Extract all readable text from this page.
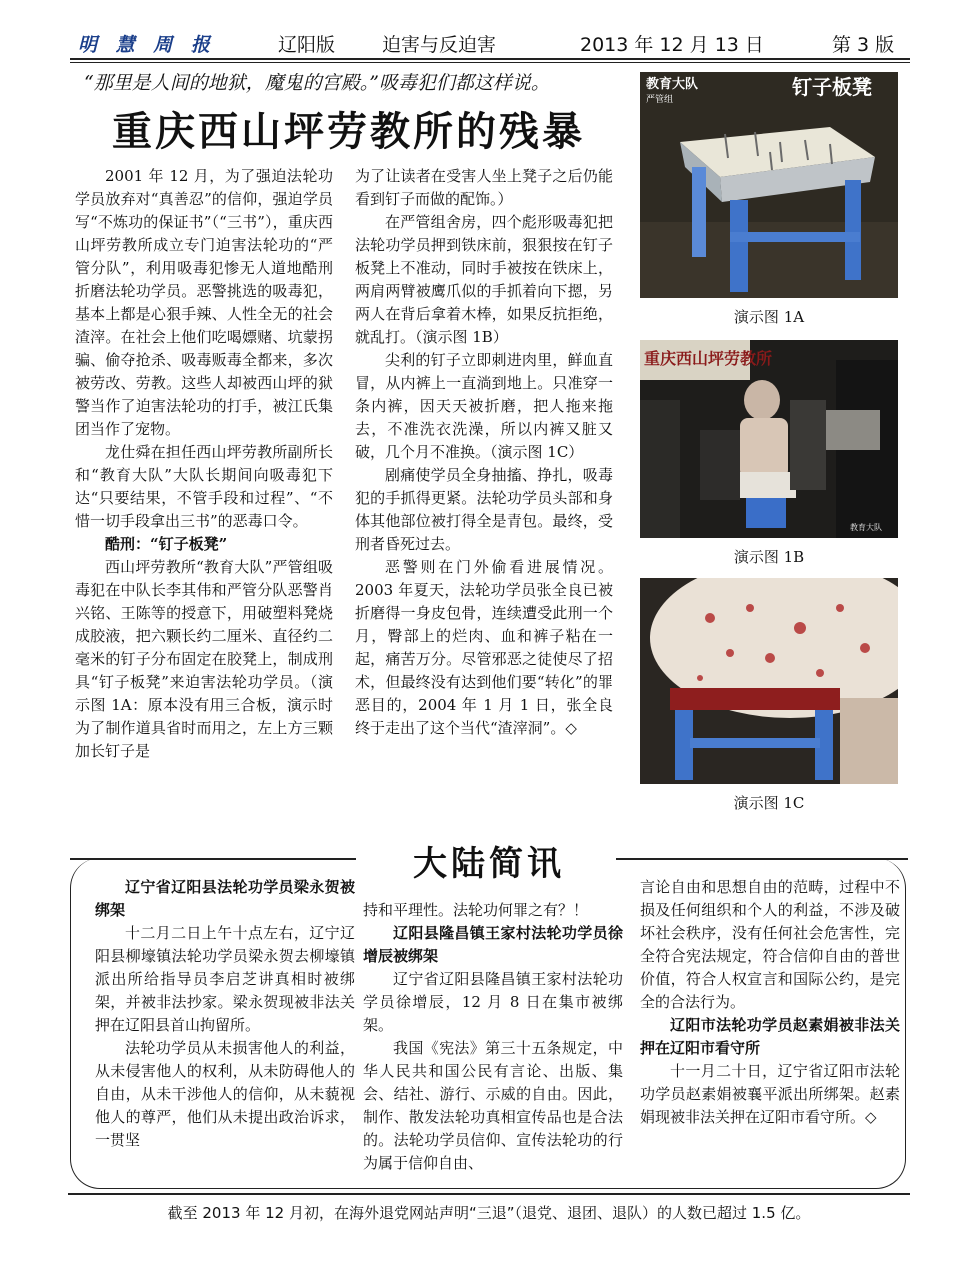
明 慧 周 报	辽阳版 迫害与反迫害	2013 年 12 月 13 日	第 3 版
“那里是人间的地狱，魔鬼的宫殿。”吸毒犯们都这样说。
重庆西山坪劳教所的残暴

2001 年 12 月，为了强迫法轮功学员放弃对“真善忍”的信仰，强迫学员写“不炼功的保证书”（“三书”），重庆西山坪劳教所成立专门迫害法轮功的“严管分队”，利用吸毒犯惨无人道地酷刑折磨法轮功学员。恶警挑选的吸毒犯，基本上都是心狠手辣、人性全无的社会渣滓。在社会上他们吃喝嫖赌、坑蒙拐骗、偷夺抢杀、吸毒贩毒全都来，多次被劳改、劳教。这些人却被西山坪的狱警当作了迫害法轮功的打手，被江氏集团当作了宠物。

龙仕舜在担任西山坪劳教所副所长和“教育大队”大队长期间向吸毒犯下达“只要结果，不管手段和过程”、“不惜一切手段拿出三书”的恶毒口令。

酷刑：“钉子板凳”

西山坪劳教所“教育大队”严管组吸毒犯在中队长李其伟和严管分队恶警肖兴铭、王陈等的授意下，用破塑料凳烧成胶液，把六颗长约二厘米、直径约二毫米的钉子分布固定在胶凳上，制成刑具“钉子板凳”来迫害法轮功学员。（演示图 1A：原本没有用三合板，演示时为了制作道具省时而用之，左上方三颗加长钉子是

为了让读者在受害人坐上凳子之后仍能看到钉子而做的配饰。）

在严管组舍房，四个彪形吸毒犯把法轮功学员押到铁床前，狠狠按在钉子板凳上不准动，同时手被按在铁床上，两肩两臂被鹰爪似的手抓着向下摁，另两人在背后拿着木棒，如果反抗拒绝，就乱打。（演示图 1B）

尖利的钉子立即刺进肉里，鲜血直冒，从内裤上一直淌到地上。只准穿一条内裤，因天天被折磨，把人拖来拖去，不准洗衣洗澡，所以内裤又脏又破，几个月不准换。（演示图 1C）

剧痛使学员全身抽搐、挣扎，吸毒犯的手抓得更紧。法轮功学员头部和身体其他部位被打得全是青包。最终，受刑者昏死过去。

恶警则在门外偷看进展情况。2003 年夏天，法轮功学员张全良已被折磨得一身皮包骨，连续遭受此刑一个月，臀部上的烂肉、血和裤子粘在一起，痛苦万分。尽管邪恶之徒使尽了招术，但最终没有达到他们要“转化”的罪恶目的，2004 年 1 月 1 日，张全良终于走出了这个当代“渣滓洞”。◇

教育大队
严管组
钉子板凳
演示图 1A
重庆西山坪劳教所
教育大队
演示图 1B
演示图 1C
大陆简讯

辽宁省辽阳县法轮功学员梁永贺被绑架

十二月二日上午十点左右，辽宁辽阳县柳壕镇法轮功学员梁永贺去柳壕镇派出所给指导员李启芝讲真相时被绑架，并被非法抄家。梁永贺现被非法关押在辽阳县首山拘留所。

法轮功学员从未损害他人的利益，从未侵害他人的权利，从未防碍他人的自由，从未干涉他人的信仰，从未藐视他人的尊严，他们从未提出政治诉求，一贯坚

持和平理性。法轮功何罪之有？！

辽阳县隆昌镇王家村法轮功学员徐增辰被绑架

辽宁省辽阳县隆昌镇王家村法轮功学员徐增辰，12 月 8 日在集市被绑架。

我国《宪法》第三十五条规定，中华人民共和国公民有言论、出版、集会、结社、游行、示威的自由。因此，制作、散发法轮功真相宣传品也是合法的。法轮功学员信仰、宣传法轮功的行为属于信仰自由、

言论自由和思想自由的范畴，过程中不损及任何组织和个人的利益，不涉及破坏社会秩序，没有任何社会危害性，完全符合宪法规定，符合信仰自由的普世价值，符合人权宣言和国际公约，是完全的合法行为。

辽阳市法轮功学员赵素娟被非法关押在辽阳市看守所

十一月二十日，辽宁省辽阳市法轮功学员赵素娟被襄平派出所绑架。赵素娟现被非法关押在辽阳市看守所。◇

截至 2013 年 12 月初，在海外退党网站声明“三退”（退党、退团、退队）的人数已超过 1.5 亿。
